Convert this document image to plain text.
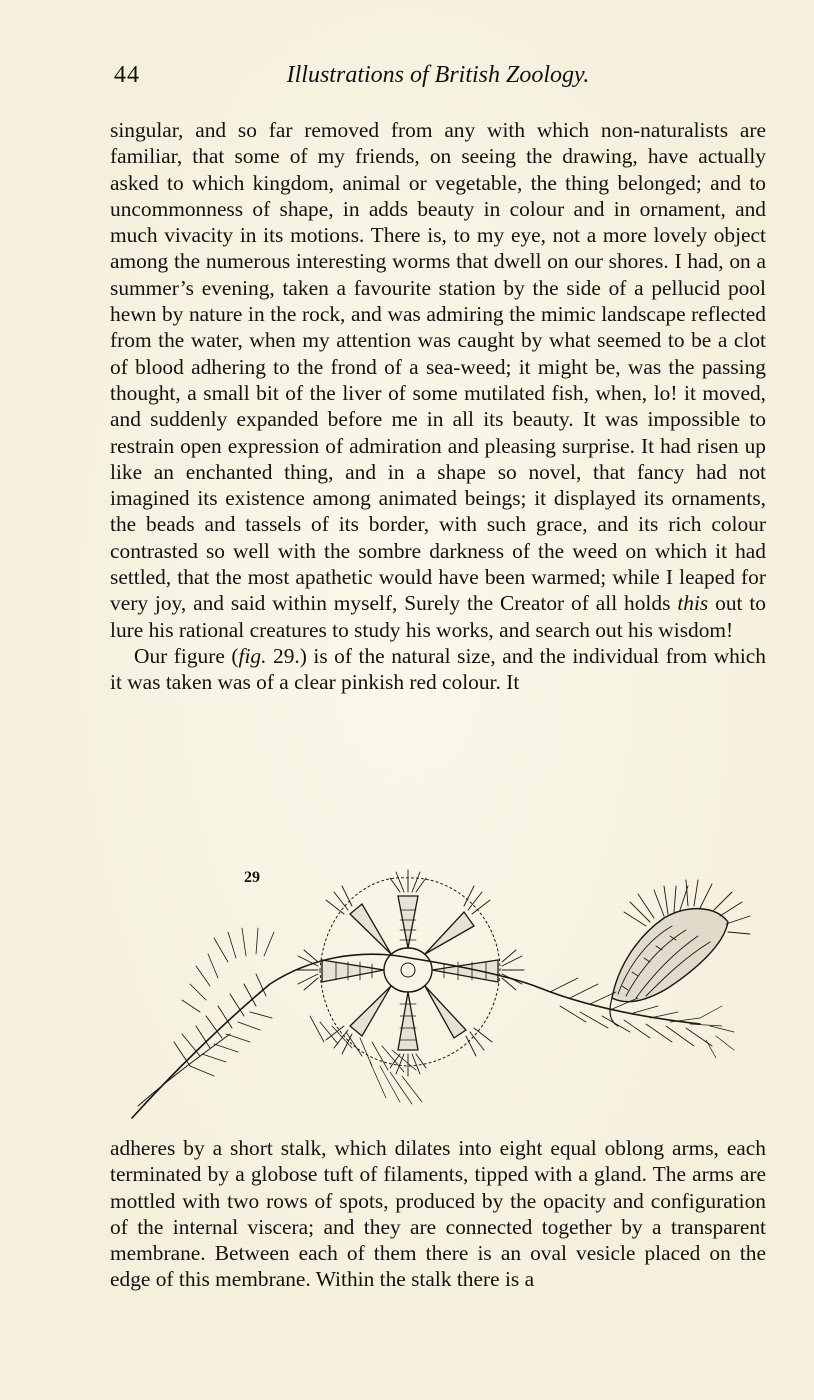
44	Illustrations of British Zoology.

singular, and so far removed from any with which non-naturalists are familiar, that some of my friends, on seeing the drawing, have actually asked to which kingdom, animal or vegetable, the thing belonged; and to uncommonness of shape, in adds beauty in colour and in ornament, and much vivacity in its motions. There is, to my eye, not a more lovely object among the numerous interesting worms that dwell on our shores. I had, on a summer’s evening, taken a favourite station by the side of a pellucid pool hewn by nature in the rock, and was admiring the mimic landscape reflected from the water, when my attention was caught by what seemed to be a clot of blood adhering to the frond of a sea-weed; it might be, was the passing thought, a small bit of the liver of some mutilated fish, when, lo! it moved, and suddenly expanded before me in all its beauty. It was impossible to restrain open expression of admiration and pleasing surprise. It had risen up like an enchanted thing, and in a shape so novel, that fancy had not imagined its existence among animated beings; it displayed its ornaments, the beads and tassels of its border, with such grace, and its rich colour contrasted so well with the sombre darkness of the weed on which it had settled, that the most apathetic would have been warmed; while I leaped for very joy, and said within myself, Surely the Creator of all holds this out to lure his rational creatures to study his works, and search out his wisdom!

Our figure (fig. 29.) is of the natural size, and the individual from which it was taken was of a clear pinkish red colour. It

29

adheres by a short stalk, which dilates into eight equal oblong arms, each terminated by a globose tuft of filaments, tipped with a gland. The arms are mottled with two rows of spots, produced by the opacity and configuration of the internal viscera; and they are connected together by a transparent membrane. Between each of them there is an oval vesicle placed on the edge of this membrane. Within the stalk there is a
